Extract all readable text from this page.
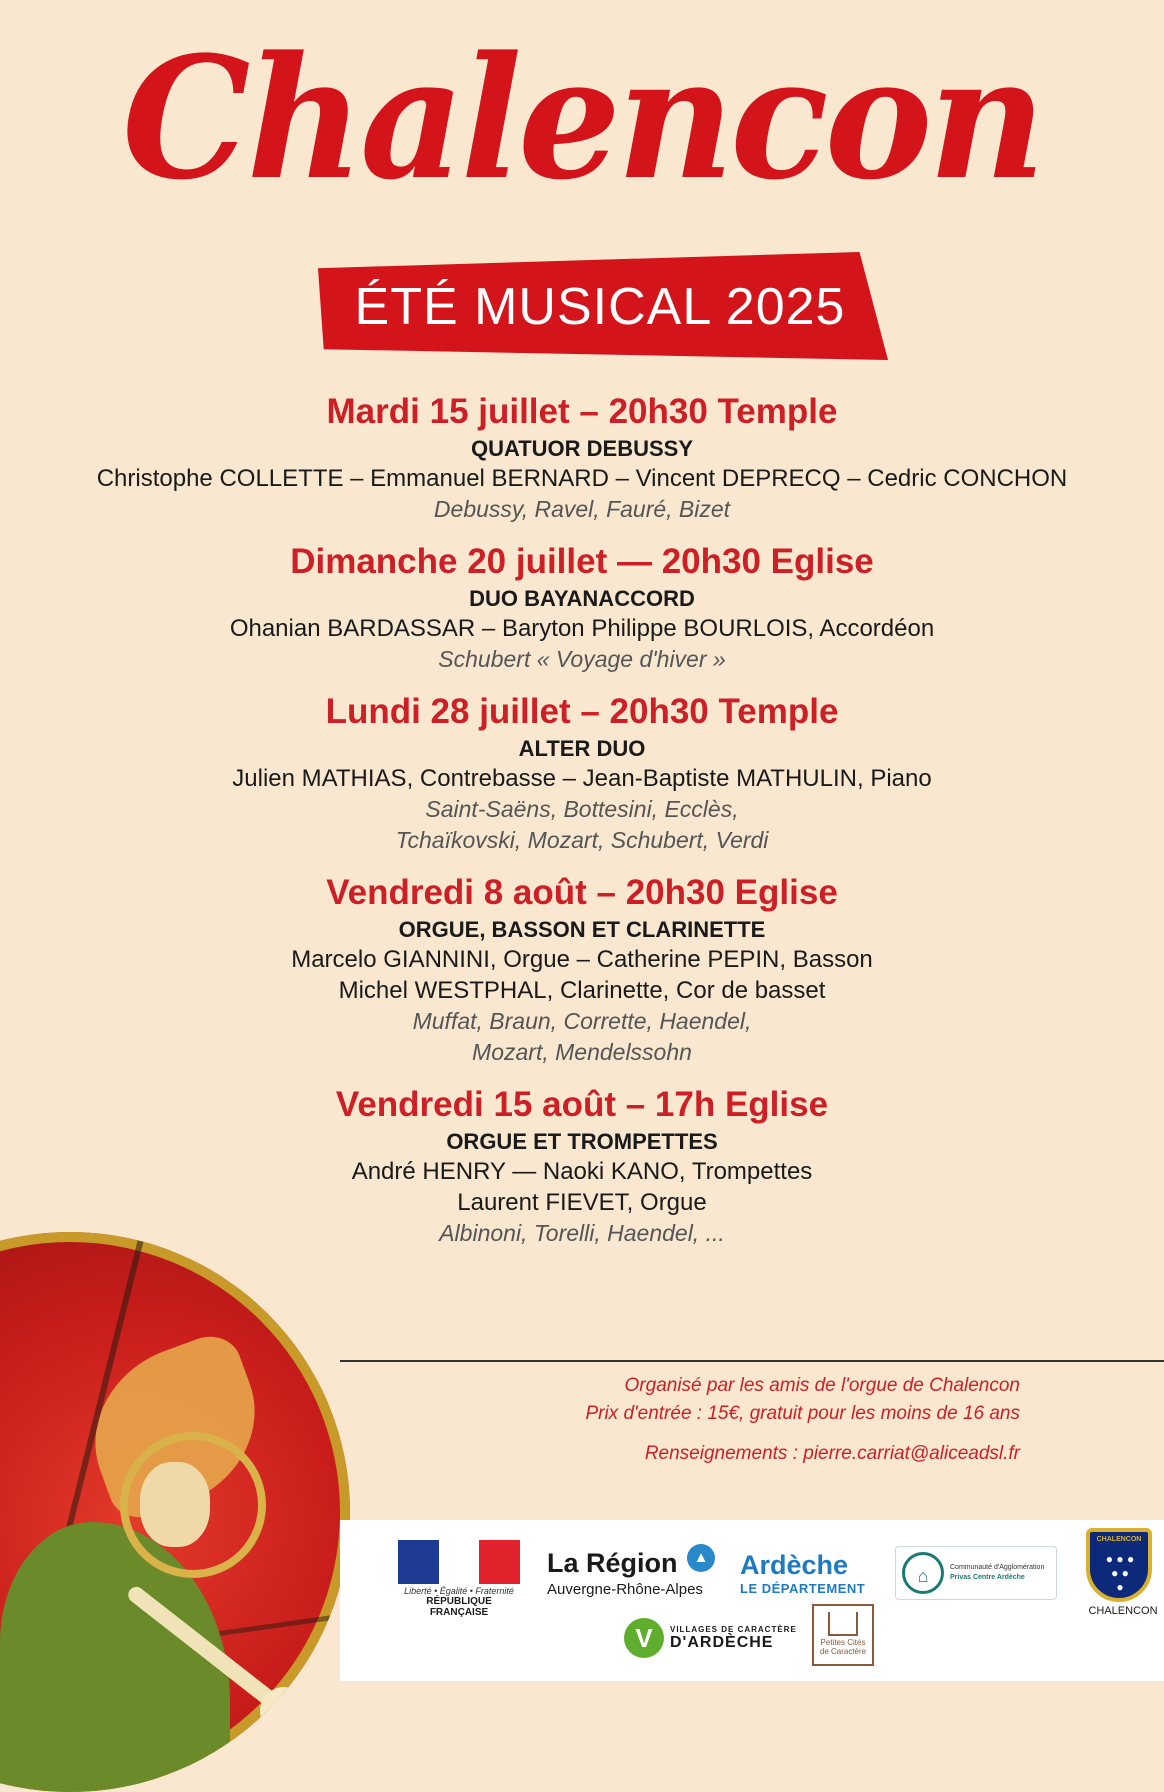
Chalencon
ÉTÉ MUSICAL 2025
Mardi 15 juillet – 20h30 Temple
QUATUOR DEBUSSY
Christophe COLLETTE – Emmanuel BERNARD – Vincent DEPRECQ – Cedric CONCHON
Debussy, Ravel, Fauré, Bizet
Dimanche 20 juillet — 20h30 Eglise
DUO BAYANACCORD
Ohanian BARDASSAR – Baryton Philippe BOURLOIS, Accordéon
Schubert « Voyage d'hiver »
Lundi 28 juillet – 20h30 Temple
ALTER DUO
Julien MATHIAS, Contrebasse – Jean-Baptiste MATHULIN, Piano
Saint-Saëns, Bottesini, Ecclès,
Tchaïkovski, Mozart, Schubert, Verdi
Vendredi 8 août – 20h30 Eglise
ORGUE, BASSON ET CLARINETTE
Marcelo GIANNINI, Orgue – Catherine PEPIN, Basson
Michel WESTPHAL, Clarinette, Cor de basset
Muffat, Braun, Corrette, Haendel,
Mozart, Mendelssohn
Vendredi 15 août – 17h Eglise
ORGUE ET TROMPETTES
André HENRY — Naoki KANO, Trompettes
Laurent FIEVET, Orgue
Albinoni, Torelli, Haendel, ...
Organisé par les amis de l'orgue de Chalencon
Prix d'entrée : 15€, gratuit pour les moins de 16 ans
Renseignements : pierre.carriat@aliceadsl.fr
Liberté • Égalité • Fraternité
RÉPUBLIQUE FRANÇAISE
La Région
Auvergne-Rhône-Alpes
▲ Ardèche
LE DÉPARTEMENT
⌂	Communauté d'Agglomération
Privas Centre Ardèche
V	VILLAGES DE CARACTÈRE
D'ARDÈCHE	Petites Cités
de Caractère
CHALENCON
● ● ●
● ●
●
CHALENCON
